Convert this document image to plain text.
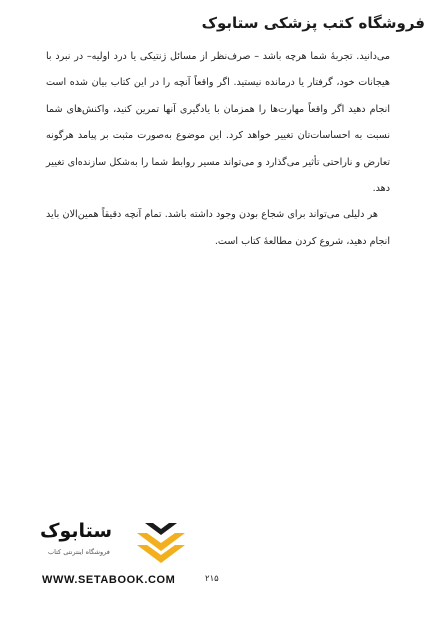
فروشگاه کتب پزشکی ستابوک

می‌دانید. تجربهٔ شما هرچه باشد – صرف‌نظر از مسائل ژنتیکی یا درد اولیه– در نبرد با هیجانات خود، گرفتار یا درمانده نیستید. اگر واقعاً آنچه را در این کتاب بیان شده است انجام دهید اگر واقعاً مهارت‌ها را همزمان با یادگیری آنها تمرین کنید، واکنش‌های شما نسبت به احساسات‌تان تغییر خواهد کرد. این موضوع به‌صورت مثبت بر پیامد هرگونه تعارض و ناراحتی تأثیر می‌گذارد و می‌تواند مسیر روابط شما را به‌شکل سازنده‌ای تغییر دهد.

هر دلیلی می‌تواند برای شجاع بودن وجود داشته باشد. تمام آنچه دقیقاً همین‌الان باید انجام دهید، شروع کردن مطالعهٔ کتاب است.

ستابوک
فروشگاه اینترنتی کتاب
WWW.SETABOOK.COM	۲۱۵
